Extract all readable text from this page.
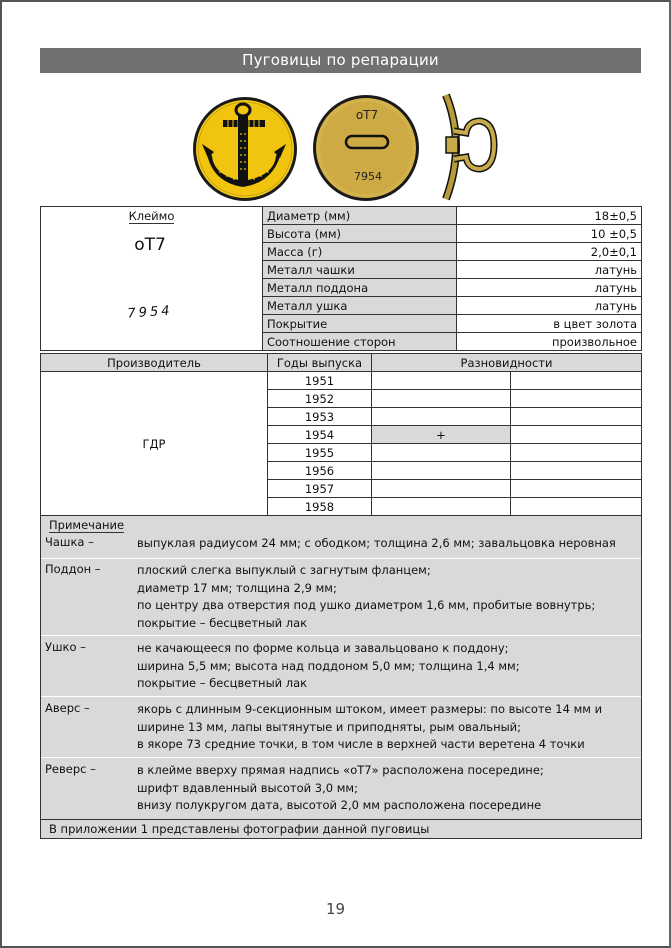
Пуговицы по репарации
оТ7
7954
Клеймо
оТ7
7954	Диаметр (мм)	18±0,5
	Высота (мм)	10 ±0,5
	Масса (г)	2,0±0,1
	Металл чашки	латунь
	Металл поддона	латунь
	Металл ушка	латунь
	Покрытие	в цвет золота
	Соотношение сторон	произвольное
Производитель	Годы выпуска	Разновидности	
ГДР	1951		
	1952		
	1953		
	1954	+	
	1955		
	1956		
	1957		
	1958		
Примечание
Чашка –	выпуклая радиусом 24 мм; с ободком; толщина 2,6 мм; завальцовка неровная
Поддон –	плоский слегка выпуклый с загнутым фланцем;
диаметр 17 мм; толщина 2,9 мм;
по центру два отверстия под ушко диаметром 1,6 мм, пробитые вовнутрь;
покрытие – бесцветный лак
Ушко –	не качающееся по форме кольца и завальцовано к поддону;
ширина 5,5 мм; высота над поддоном 5,0 мм; толщина 1,4 мм;
покрытие – бесцветный лак
Аверс –	якорь с длинным 9-секционным штоком, имеет размеры: по высоте 14 мм и
ширине 13 мм, лапы вытянутые и приподняты, рым овальный;
в якоре 73 средние точки, в том числе в верхней части веретена 4 точки
Реверс –	в клейме вверху прямая надпись «оТ7» расположена посередине;
шрифт вдавленный высотой 3,0 мм;
внизу полукругом дата, высотой 2,0 мм расположена посередине
В приложении 1 представлены фотографии данной пуговицы
19
